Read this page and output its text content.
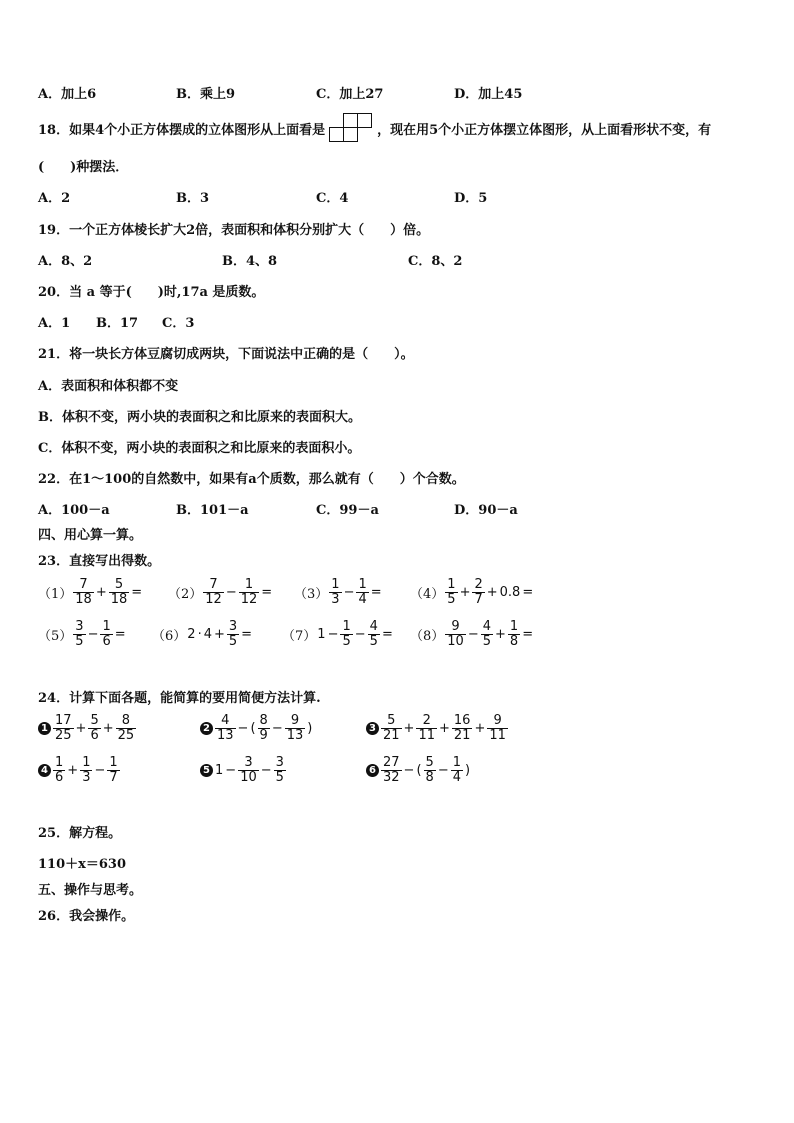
A．加上6	B．乘上9	C．加上27	D．加上45
18．如果4个小正方体摆成的立体图形从上面看是	，现在用5个小正方体摆立体图形，从上面看形状不变，有
(　　)种摆法．
A．2	B．3	C．4	D．5
19．一个正方体棱长扩大2倍，表面积和体积分别扩大（　　）倍。
A．8、2	B．4、8	C．8、2
20．当 a 等于(　　)时,17a 是质数。
A．1 B．17 C．3
21．将一块长方体豆腐切成两块，下面说法中正确的是（　　）。
A．表面积和体积都不变
B．体积不变，两小块的表面积之和比原来的表面积大。
C．体积不变，两小块的表面积之和比原来的表面积小。
22．在1～100的自然数中，如果有a个质数，那么就有（　　）个合数。
A．100－a	B．101－a	C．99－a	D．90－a
四、用心算一算。
23．直接写出得数。
$(1) \frac{7}{18} + \frac{5}{18} = (2) \frac{7}{12} - \frac{1}{12} = (3) \frac{1}{3} - \frac{1}{4} = (4) \frac{1}{5} + \frac{2}{7} + 0.8$ =
$(5) \frac{3}{5} - \frac{1}{6} = (6) 2 \cdot 4 + \frac{3}{5} = (7) 1 - \frac{1}{5} - \frac{4}{5} = (8) \frac{9}{10} - \frac{4}{5} + \frac{1}{8}$ =
24．计算下面各题，能简算的要用简便方法计算.
$1 \frac{17}{25} + \frac{5}{6} + \frac{8}{25}$	$2 \frac{4}{13}$ − ( $\frac{8}{9} - \frac{9}{13}$ )	$3 \frac{5}{21} + \frac{2}{11} + \frac{16}{21} + \frac{9}{11}$
$4 \frac{1}{6} + \frac{1}{3} - \frac{1}{7}$	5 $1 - \frac{3}{10} - \frac{3}{5}$	$6 \frac{27}{32}$ − ( $\frac{5}{8} - \frac{1}{4}$ )
25．解方程。
110＋x＝630
五、操作与思考。
26．我会操作。
